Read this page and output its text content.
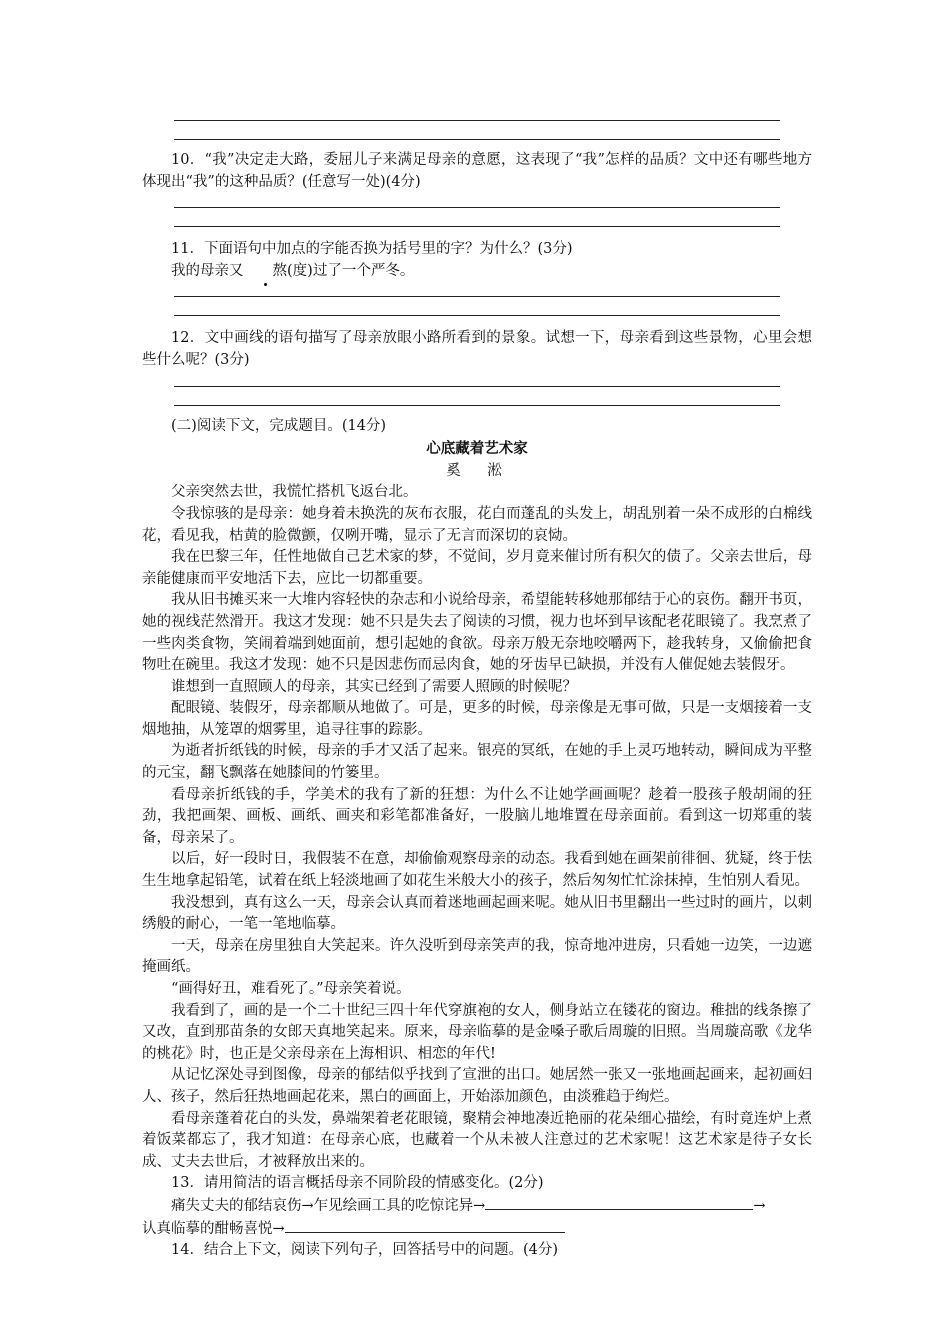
10．“我”决定走大路，委屈儿子来满足母亲的意愿，这表现了“我”怎样的品质？文中还有哪些地方体现出“我”的这种品质？(任意写一处)(4分)

11．下面语句中加点的字能否换为括号里的字？为什么？(3分)

我的母亲又 熬(度)过了一个严冬。

12．文中画线的语句描写了母亲放眼小路所看到的景象。试想一下，母亲看到这些景物，心里会想些什么呢？(3分)

(二)阅读下文，完成题目。(14分)

心底藏着艺术家

奚　淞

父亲突然去世，我慌忙搭机飞返台北。

令我惊骇的是母亲：她身着未换洗的灰布衣服，花白而蓬乱的头发上，胡乱别着一朵不成形的白棉线花，看见我，枯黄的脸微颤，仅咧开嘴，显示了无言而深切的哀恸。

我在巴黎三年，任性地做自己艺术家的梦，不觉间，岁月竟来催讨所有积欠的债了。父亲去世后，母亲能健康而平安地活下去，应比一切都重要。

我从旧书摊买来一大堆内容轻快的杂志和小说给母亲，希望能转移她那郁结于心的哀伤。翻开书页，她的视线茫然滑开。我这才发现：她不只是失去了阅读的习惯，视力也坏到早该配老花眼镜了。我烹煮了一些肉类食物，笑闹着端到她面前，想引起她的食欲。母亲万般无奈地咬嚼两下，趁我转身，又偷偷把食物吐在碗里。我这才发现：她不只是因悲伤而忌肉食，她的牙齿早已缺损，并没有人催促她去装假牙。

谁想到一直照顾人的母亲，其实已经到了需要人照顾的时候呢？

配眼镜、装假牙，母亲都顺从地做了。可是，更多的时候，母亲像是无事可做，只是一支烟接着一支烟地抽，从笼罩的烟雾里，追寻往事的踪影。

为逝者折纸钱的时候，母亲的手才又活了起来。银亮的冥纸，在她的手上灵巧地转动，瞬间成为平整的元宝，翻飞飘落在她膝间的竹篓里。

看母亲折纸钱的手，学美术的我有了新的狂想：为什么不让她学画画呢？趁着一股孩子般胡闹的狂劲，我把画架、画板、画纸、画夹和彩笔都准备好，一股脑儿地堆置在母亲面前。看到这一切郑重的装备，母亲呆了。

以后，好一段时日，我假装不在意，却偷偷观察母亲的动态。我看到她在画架前徘徊、犹疑，终于怯生生地拿起铅笔，试着在纸上轻淡地画了如花生米般大小的孩子，然后匆匆忙忙涂抹掉，生怕别人看见。

我没想到，真有这么一天，母亲会认真而着迷地画起画来呢。她从旧书里翻出一些过时的画片，以刺绣般的耐心，一笔一笔地临摹。

一天，母亲在房里独自大笑起来。许久没听到母亲笑声的我，惊奇地冲进房，只看她一边笑，一边遮掩画纸。

“画得好丑，难看死了。”母亲笑着说。

我看到了，画的是一个二十世纪三四十年代穿旗袍的女人，侧身站立在镂花的窗边。稚拙的线条擦了又改，直到那苗条的女郎天真地笑起来。原来，母亲临摹的是金嗓子歌后周璇的旧照。当周璇高歌《龙华的桃花》时，也正是父亲母亲在上海相识、相恋的年代!

从记忆深处寻到图像，母亲的郁结似乎找到了宣泄的出口。她居然一张又一张地画起画来，起初画妇人、孩子，然后狂热地画起花来，黑白的画面上，开始添加颜色，由淡雅趋于绚烂。

看母亲蓬着花白的头发，鼻端架着老花眼镜，聚精会神地凑近艳丽的花朵细心描绘，有时竟连炉上煮着饭菜都忘了，我才知道：在母亲心底，也藏着一个从未被人注意过的艺术家呢！这艺术家是待子女长成、丈夫去世后，才被释放出来的。

13．请用简洁的语言概括母亲不同阶段的情感变化。(2分)

痛失丈夫的郁结哀伤→乍见绘画工具的吃惊诧异→	→

认真临摹的酣畅喜悦→

14．结合上下文，阅读下列句子，回答括号中的问题。(4分)
